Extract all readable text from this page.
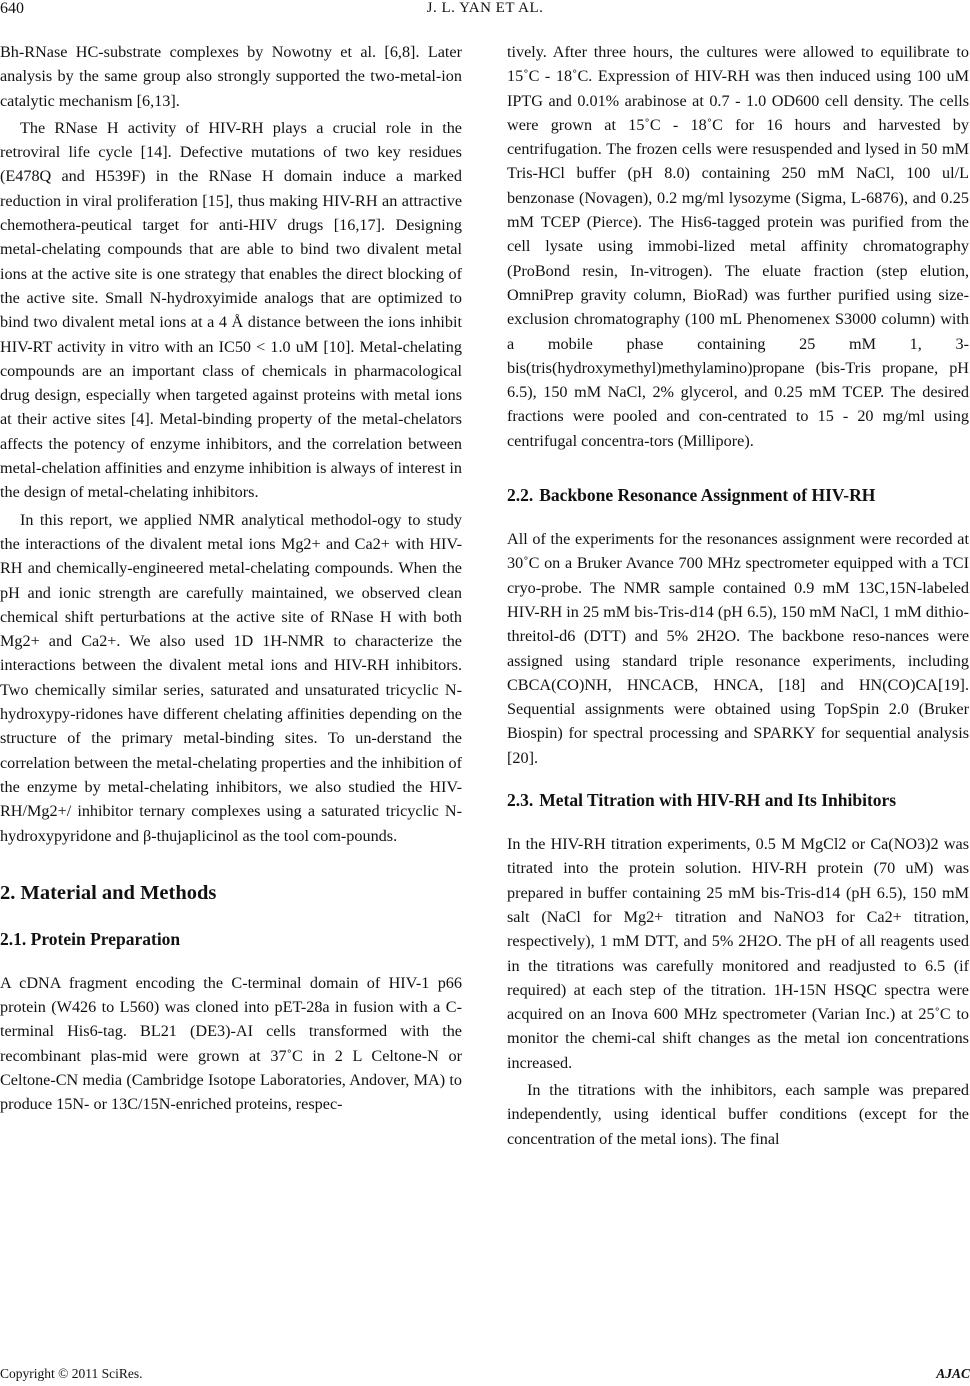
640	J. L. YAN ET AL.

Bh-RNase HC-substrate complexes by Nowotny et al. [6,8]. Later analysis by the same group also strongly supported the two-metal-ion catalytic mechanism [6,13].

The RNase H activity of HIV-RH plays a crucial role in the retroviral life cycle [14]. Defective mutations of two key residues (E478Q and H539F) in the RNase H domain induce a marked reduction in viral proliferation [15], thus making HIV-RH an attractive chemothera-peutical target for anti-HIV drugs [16,17]. Designing metal-chelating compounds that are able to bind two divalent metal ions at the active site is one strategy that enables the direct blocking of the active site. Small N-hydroxyimide analogs that are optimized to bind two divalent metal ions at a 4 Å distance between the ions inhibit HIV-RT activity in vitro with an IC50 < 1.0 uM [10]. Metal-chelating compounds are an important class of chemicals in pharmacological drug design, especially when targeted against proteins with metal ions at their active sites [4]. Metal-binding property of the metal-chelators affects the potency of enzyme inhibitors, and the correlation between metal-chelation affinities and enzyme inhibition is always of interest in the design of metal-chelating inhibitors.

In this report, we applied NMR analytical methodol-ogy to study the interactions of the divalent metal ions Mg2+ and Ca2+ with HIV-RH and chemically-engineered metal-chelating compounds. When the pH and ionic strength are carefully maintained, we observed clean chemical shift perturbations at the active site of RNase H with both Mg2+ and Ca2+. We also used 1D 1H-NMR to characterize the interactions between the divalent metal ions and HIV-RH inhibitors. Two chemically similar series, saturated and unsaturated tricyclic N-hydroxypy-ridones have different chelating affinities depending on the structure of the primary metal-binding sites. To un-derstand the correlation between the metal-chelating properties and the inhibition of the enzyme by metal-chelating inhibitors, we also studied the HIV-RH/Mg2+/ inhibitor ternary complexes using a saturated tricyclic N-hydroxypyridone and β-thujaplicinol as the tool com-pounds.

2. Material and Methods
2.1. Protein Preparation

A cDNA fragment encoding the C-terminal domain of HIV-1 p66 protein (W426 to L560) was cloned into pET-28a in fusion with a C-terminal His6-tag. BL21 (DE3)-AI cells transformed with the recombinant plas-mid were grown at 37˚C in 2 L Celtone-N or Celtone-CN media (Cambridge Isotope Laboratories, Andover, MA) to produce 15N- or 13C/15N-enriched proteins, respec-

tively. After three hours, the cultures were allowed to equilibrate to 15˚C - 18˚C. Expression of HIV-RH was then induced using 100 uM IPTG and 0.01% arabinose at 0.7 - 1.0 OD600 cell density. The cells were grown at 15˚C - 18˚C for 16 hours and harvested by centrifugation. The frozen cells were resuspended and lysed in 50 mM Tris-HCl buffer (pH 8.0) containing 250 mM NaCl, 100 ul/L benzonase (Novagen), 0.2 mg/ml lysozyme (Sigma, L-6876), and 0.25 mM TCEP (Pierce). The His6-tagged protein was purified from the cell lysate using immobi-lized metal affinity chromatography (ProBond resin, In-vitrogen). The eluate fraction (step elution, OmniPrep gravity column, BioRad) was further purified using size-exclusion chromatography (100 mL Phenomenex S3000 column) with a mobile phase containing 25 mM 1, 3-bis(tris(hydroxymethyl)methylamino)propane (bis-Tris propane, pH 6.5), 150 mM NaCl, 2% glycerol, and 0.25 mM TCEP. The desired fractions were pooled and con-centrated to 15 - 20 mg/ml using centrifugal concentra-tors (Millipore).

2.2. Backbone Resonance Assignment of HIV-RH

All of the experiments for the resonances assignment were recorded at 30˚C on a Bruker Avance 700 MHz spectrometer equipped with a TCI cryo-probe. The NMR sample contained 0.9 mM 13C,15N-labeled HIV-RH in 25 mM bis-Tris-d14 (pH 6.5), 150 mM NaCl, 1 mM dithio-threitol-d6 (DTT) and 5% 2H2O. The backbone reso-nances were assigned using standard triple resonance experiments, including CBCA(CO)NH, HNCACB, HNCA, [18] and HN(CO)CA[19]. Sequential assignments were obtained using TopSpin 2.0 (Bruker Biospin) for spectral processing and SPARKY for sequential analysis [20].

2.3. Metal Titration with HIV-RH and Its Inhibitors

In the HIV-RH titration experiments, 0.5 M MgCl2 or Ca(NO3)2 was titrated into the protein solution. HIV-RH protein (70 uM) was prepared in buffer containing 25 mM bis-Tris-d14 (pH 6.5), 150 mM salt (NaCl for Mg2+ titration and NaNO3 for Ca2+ titration, respectively), 1 mM DTT, and 5% 2H2O. The pH of all reagents used in the titrations was carefully monitored and readjusted to 6.5 (if required) at each step of the titration. 1H-15N HSQC spectra were acquired on an Inova 600 MHz spectrometer (Varian Inc.) at 25˚C to monitor the chemi-cal shift changes as the metal ion concentrations increased.

In the titrations with the inhibitors, each sample was prepared independently, using identical buffer conditions (except for the concentration of the metal ions). The final

Copyright © 2011 SciRes.	AJAC
